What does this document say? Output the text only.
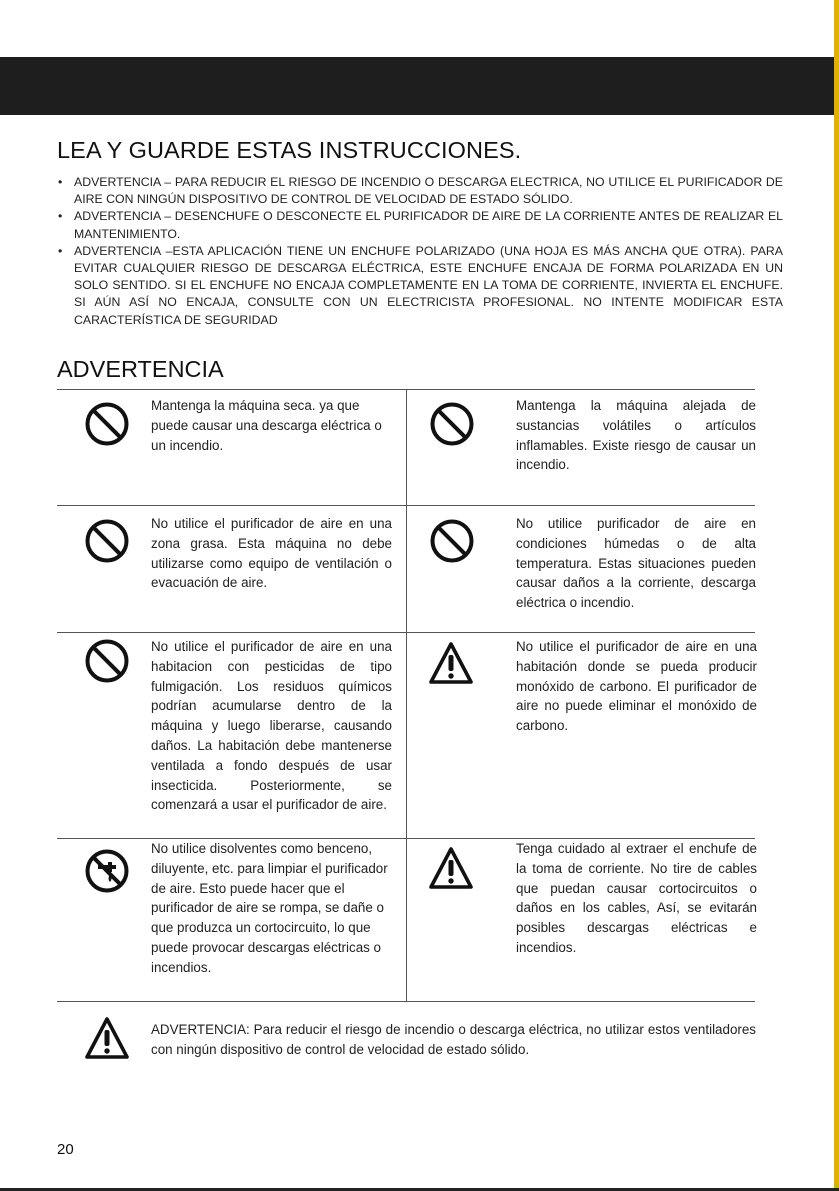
LEA Y GUARDE ESTAS INSTRUCCIONES.
• ADVERTENCIA – PARA REDUCIR EL RIESGO DE INCENDIO O DESCARGA ELECTRICA, NO UTILICE EL PURIFICADOR DE AIRE CON NINGÚN DISPOSITIVO DE CONTROL DE VELOCIDAD DE ESTADO SÓLIDO.
• ADVERTENCIA – DESENCHUFE O DESCONECTE EL PURIFICADOR DE AIRE DE LA CORRIENTE ANTES DE REALIZAR EL MANTENIMIENTO.
• ADVERTENCIA –ESTA APLICACIÓN TIENE UN ENCHUFE POLARIZADO (UNA HOJA ES MÁS ANCHA QUE OTRA). PARA EVITAR CUALQUIER RIESGO DE DESCARGA ELÉCTRICA, ESTE ENCHUFE ENCAJA DE FORMA POLARIZADA EN UN SOLO SENTIDO. SI EL ENCHUFE NO ENCAJA COMPLETAMENTE EN LA TOMA DE CORRIENTE, INVIERTA EL ENCHUFE. SI AÚN ASÍ NO ENCAJA, CONSULTE CON UN ELECTRICISTA PROFESIONAL. NO INTENTE MODIFICAR ESTA CARACTERÍSTICA DE SEGURIDAD
ADVERTENCIA

Mantenga la máquina seca. ya que puede causar una descarga eléctrica o un incendio.

Mantenga la máquina alejada de sustancias volátiles o artículos inflamables. Existe riesgo de causar un incendio.

No utilice el purificador de aire en una zona grasa. Esta máquina no debe utilizarse como equipo de ventilación o evacuación de aire.

No utilice purificador de aire en condiciones húmedas o de alta temperatura. Estas situaciones pueden causar daños a la corriente, descarga eléctrica o incendio.

No utilice el purificador de aire en una habitacion con pesticidas de tipo fulmigación. Los residuos químicos podrían acumularse dentro de la máquina y luego liberarse, causando daños. La habitación debe mantenerse ventilada a fondo después de usar insecticida. Posteriormente, se comenzará a usar el purificador de aire.

No utilice el purificador de aire en una habitación donde se pueda producir monóxido de carbono. El purificador de aire no puede eliminar el monóxido de carbono.

No utilice disolventes como benceno, diluyente, etc. para limpiar el purificador de aire. Esto puede hacer que el purificador de aire se rompa, se dañe o que produzca un cortocircuito, lo que puede provocar descargas eléctricas o incendios.

Tenga cuidado al extraer el enchufe de la toma de corriente. No tire de cables que puedan causar cortocircuitos o daños en los cables, Así, se evitarán posibles descargas eléctricas e incendios.

ADVERTENCIA: Para reducir el riesgo de incendio o descarga eléctrica, no utilizar estos ventiladores con ningún dispositivo de control de velocidad de estado sólido.

20
